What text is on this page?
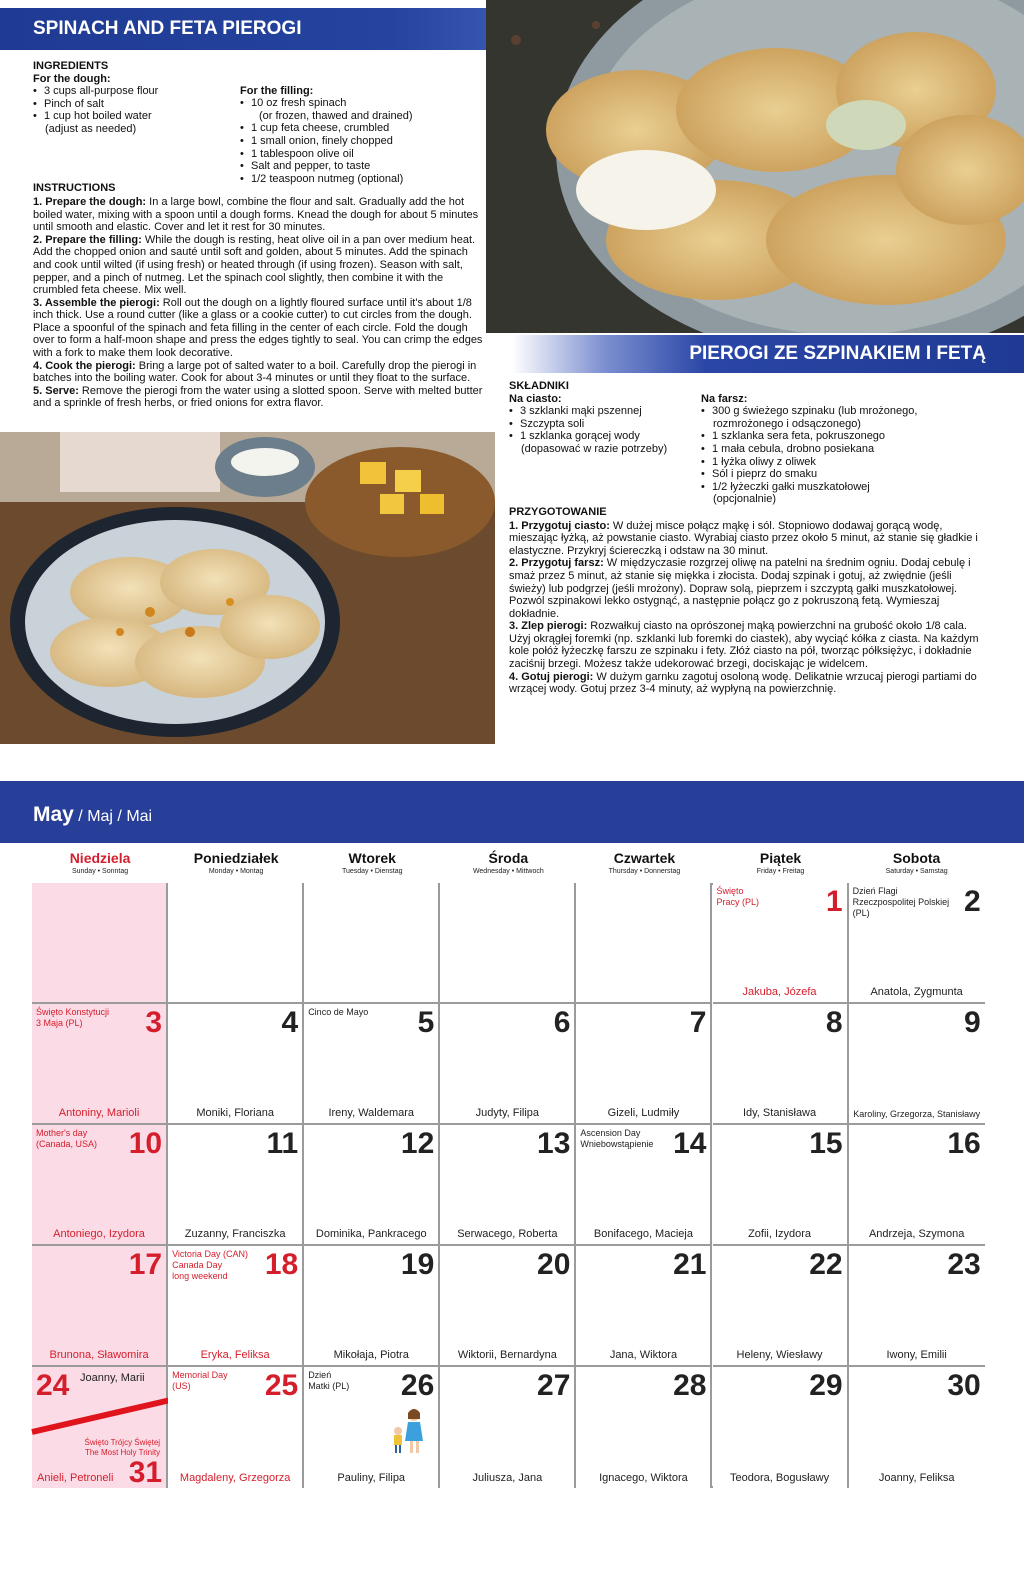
SPINACH AND FETA PIEROGI
INGREDIENTS
For the dough:
• 3 cups all-purpose flour
• Pinch of salt
• 1 cup hot boiled water
(adjust as needed)
For the filling:
• 10 oz fresh spinach
(or frozen, thawed and drained)
• 1 cup feta cheese, crumbled
• 1 small onion, finely chopped
• 1 tablespoon olive oil
• Salt and pepper, to taste
• 1/2 teaspoon nutmeg (optional)
INSTRUCTIONS

1. Prepare the dough: In a large bowl, combine the flour and salt. Gradually add the hot boiled water, mixing with a spoon until a dough forms. Knead the dough for about 5 minutes until smooth and elastic. Cover and let it rest for 30 minutes.

2. Prepare the filling: While the dough is resting, heat olive oil in a pan over medium heat. Add the chopped onion and sauté until soft and golden, about 5 minutes. Add the spinach and cook until wilted (if using fresh) or heated through (if using frozen). Season with salt, pepper, and a pinch of nutmeg. Let the spinach cool slightly, then combine it with the crumbled feta cheese. Mix well.

3. Assemble the pierogi: Roll out the dough on a lightly floured surface until it's about 1/8 inch thick. Use a round cutter (like a glass or a cookie cutter) to cut circles from the dough. Place a spoonful of the spinach and feta filling in the center of each circle. Fold the dough over to form a half-moon shape and press the edges tightly to seal. You can crimp the edges with a fork to make them look decorative.

4. Cook the pierogi: Bring a large pot of salted water to a boil. Carefully drop the pierogi in batches into the boiling water. Cook for about 3-4 minutes or until they float to the surface.

5. Serve: Remove the pierogi from the water using a slotted spoon. Serve with melted butter and a sprinkle of fresh herbs, or fried onions for extra flavor.

PIEROGI ZE SZPINAKIEM I FETĄ
SKŁADNIKI
Na ciasto:
• 3 szklanki mąki pszennej
• Szczypta soli
• 1 szklanka gorącej wody
(dopasować w razie potrzeby)
Na farsz:
• 300 g świeżego szpinaku (lub mrożonego,
rozmrożonego i odsączonego)
• 1 szklanka sera feta, pokruszonego
• 1 mała cebula, drobno posiekana
• 1 łyżka oliwy z oliwek
• Sól i pieprz do smaku
• 1/2 łyżeczki gałki muszkatołowej
(opcjonalnie)
PRZYGOTOWANIE

1. Przygotuj ciasto: W dużej misce połącz mąkę i sól. Stopniowo dodawaj gorącą wodę, mieszając łyżką, aż powstanie ciasto. Wyrabiaj ciasto przez około 5 minut, aż stanie się gładkie i elastyczne. Przykryj ściereczką i odstaw na 30 minut.

2. Przygotuj farsz: W międzyczasie rozgrzej oliwę na patelni na średnim ogniu. Dodaj cebulę i smaż przez 5 minut, aż stanie się miękka i złocista. Dodaj szpinak i gotuj, aż zwiędnie (jeśli świeży) lub podgrzej (jeśli mrożony). Dopraw solą, pieprzem i szczyptą gałki muszkatołowej. Pozwól szpinakowi lekko ostygnąć, a następnie połącz go z pokruszoną fetą. Wymieszaj dokładnie.

3. Zlep pierogi: Rozwałkuj ciasto na oprószonej mąką powierzchni na grubość około 1/8 cala. Użyj okrągłej foremki (np. szklanki lub foremki do ciastek), aby wyciąć kółka z ciasta. Na każdym kole połóż łyżeczkę farszu ze szpinaku i fety. Złóż ciasto na pół, tworząc półksiężyc, i dokładnie zaciśnij brzegi. Możesz także udekorować brzegi, dociskając je widelcem.

4. Gotuj pierogi: W dużym garnku zagotuj osoloną wodę. Delikatnie wrzucaj pierogi partiami do wrzącej wody. Gotuj przez 3-4 minuty, aż wypłyną na powierzchnię.

May / Maj / Mai
Niedziela
Sunday • Sonntag
Poniedziałek
Monday • Montag
Wtorek
Tuesday • Dienstag
Środa
Wednesday • Mittwoch
Czwartek
Thursday • Donnerstag
Piątek
Friday • Freitag
Sobota
Saturday • Samstag
1
Święto
Pracy (PL)
Jakuba, Józefa
2
Dzień Flagi
Rzeczpospolitej Polskiej
(PL)
Anatola, Zygmunta
3
Święto Konstytucji
3 Maja (PL)
Antoniny, Marioli
4
Moniki, Floriana
5
Cinco de Mayo
Ireny, Waldemara
6
Judyty, Filipa
7
Gizeli, Ludmiły
8
Idy, Stanisława
9
Karoliny, Grzegorza, Stanisławy
10
Mother's day
(Canada, USA)
Antoniego, Izydora
11
Zuzanny, Franciszka
12
Dominika, Pankracego
13
Serwacego, Roberta
14
Ascension Day
Wniebowstąpienie
Bonifacego, Macieja
15
Zofii, Izydora
16
Andrzeja, Szymona
17
Brunona, Sławomira
18
Victoria Day (CAN)
Canada Day
long weekend
Eryka, Feliksa
19
Mikołaja, Piotra
20
Wiktorii, Bernardyna
21
Jana, Wiktora
22
Heleny, Wiesławy
23
Iwony, Emilii
24 Joanny, Marii
Święto Trójcy Świętej
The Most Holy Trinity
Anieli, Petroneli 31
25
Memorial Day
(US)
Magdaleny, Grzegorza
26
Dzień
Matki (PL)
Pauliny, Filipa
27
Juliusza, Jana
28
Ignacego, Wiktora
29
Teodora, Bogusławy
30
Joanny, Feliksa
